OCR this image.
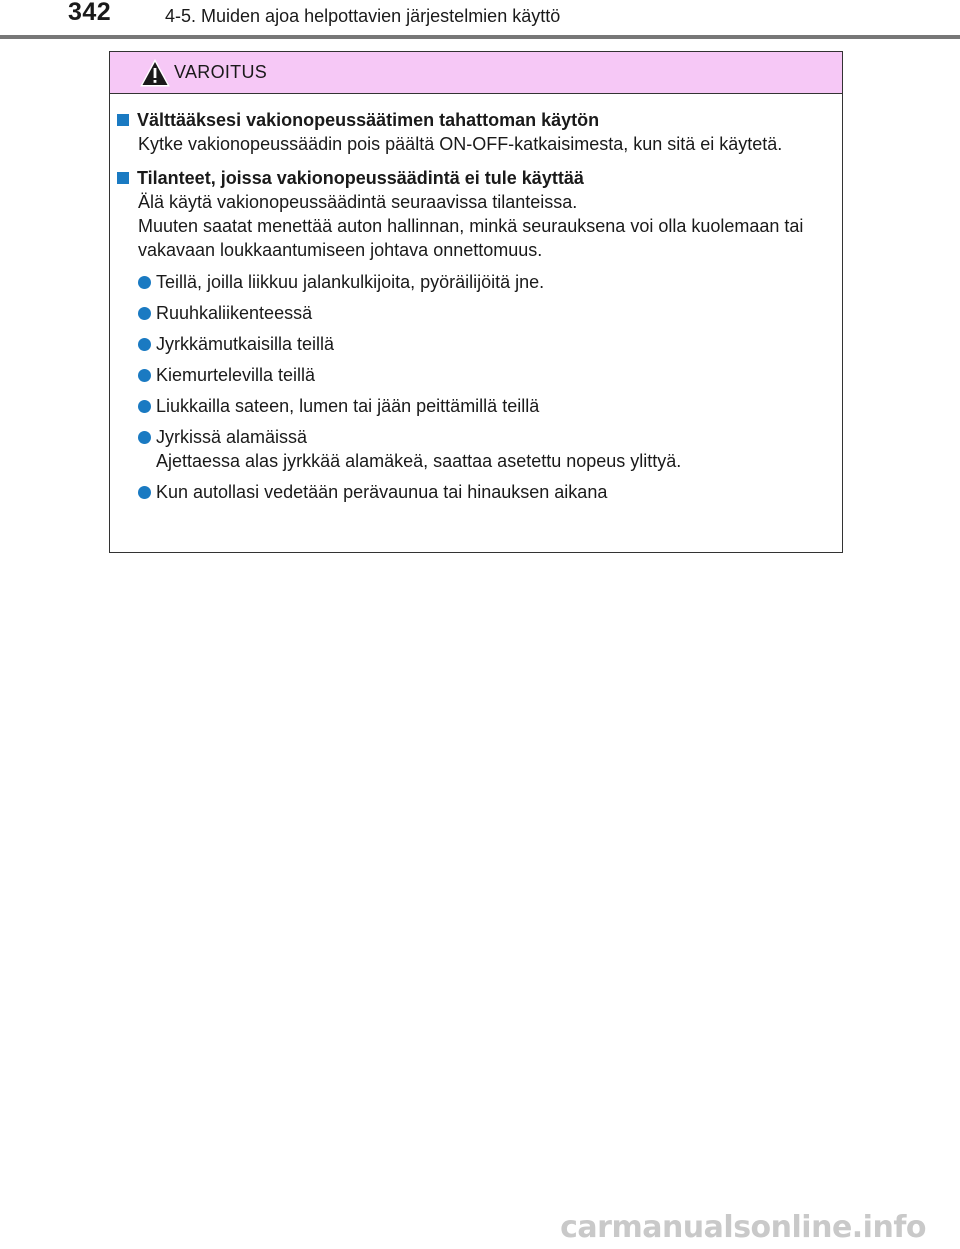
342	4-5. Muiden ajoa helpottavien järjestelmien käyttö
VAROITUS
Välttääksesi vakionopeussäätimen tahattoman käytön
Kytke vakionopeussäädin pois päältä ON-OFF-katkaisimesta, kun sitä ei käytetä.
Tilanteet, joissa vakionopeussäädintä ei tule käyttää
Älä käytä vakionopeussäädintä seuraavissa tilanteissa.
Muuten saatat menettää auton hallinnan, minkä seurauksena voi olla kuolemaan tai vakavaan loukkaantumiseen johtava onnettomuus.
Teillä, joilla liikkuu jalankulkijoita, pyöräilijöitä jne.
Ruuhkaliikenteessä
Jyrkkämutkaisilla teillä
Kiemurtelevilla teillä
Liukkailla sateen, lumen tai jään peittämillä teillä
Jyrkissä alamäissä
Ajettaessa alas jyrkkää alamäkeä, saattaa asetettu nopeus ylittyä.
Kun autollasi vedetään perävaunua tai hinauksen aikana
carmanualsonline.info
